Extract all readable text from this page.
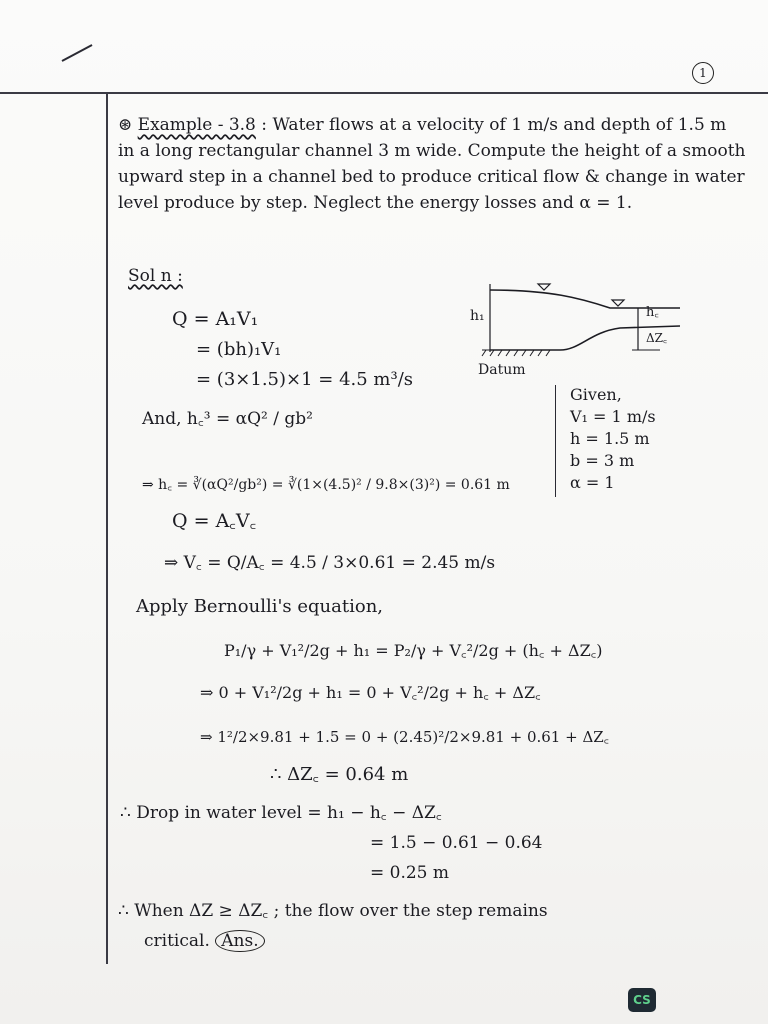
1
⊛ Example - 3.8 : Water flows at a velocity of 1 m/s and depth of 1.5 m in a long rectangular channel 3 m wide. Compute the height of a smooth upward step in a channel bed to produce critical flow & change in water level produce by step. Neglect the energy losses and α = 1.
Sol n :
Q = A₁V₁
= (bh)₁V₁
= (3×1.5)×1 = 4.5 m³/s
And, h꜀³ = αQ² / gb²
⇒ h꜀ = ∛(αQ²/gb²) = ∛(1×(4.5)² / 9.8×(3)²) = 0.61 m
Q = A꜀V꜀
⇒ V꜀ = Q/A꜀ = 4.5 / 3×0.61 = 2.45 m/s
Apply Bernoulli's equation,
P₁/γ + V₁²/2g + h₁ = P₂/γ + V꜀²/2g + (h꜀ + ΔZ꜀)
⇒ 0 + V₁²/2g + h₁ = 0 + V꜀²/2g + h꜀ + ΔZ꜀
⇒ 1²/2×9.81 + 1.5 = 0 + (2.45)²/2×9.81 + 0.61 + ΔZ꜀
∴ ΔZ꜀ = 0.64 m
∴ Drop in water level = h₁ − h꜀ − ΔZ꜀
= 1.5 − 0.61 − 0.64
= 0.25 m
∴ When ΔZ ≥ ΔZ꜀ ; the flow over the step remains
critical. Ans.
Given,
V₁ = 1 m/s
h = 1.5 m
b = 3 m
α = 1
h₁	h꜀
ΔZ꜀
Datum
CS
